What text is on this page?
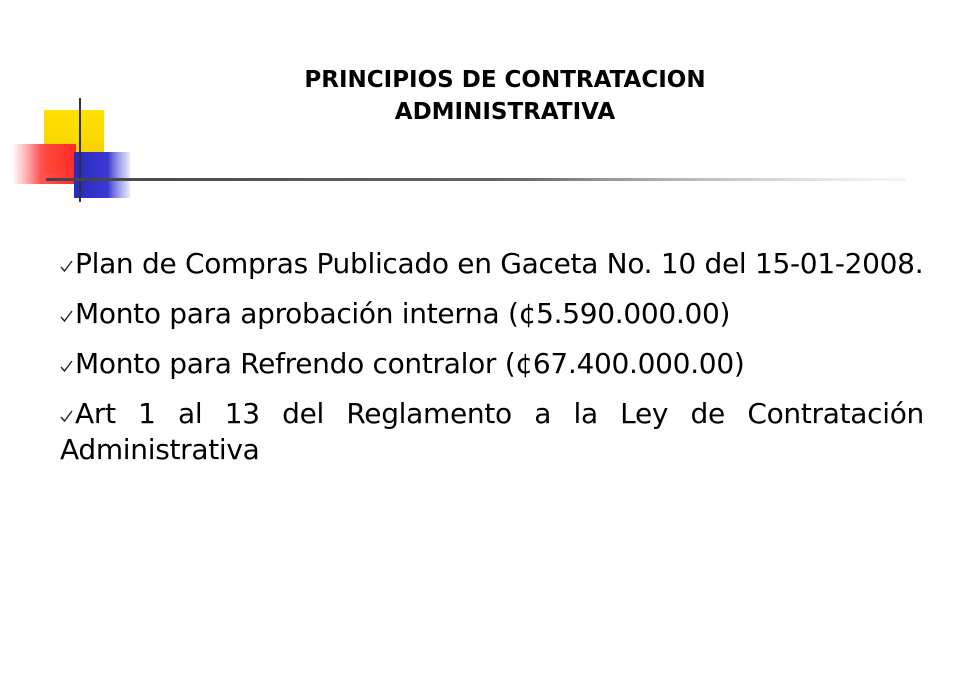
PRINCIPIOS DE CONTRATACION
ADMINISTRATIVA
Plan de Compras Publicado en Gaceta No. 10 del 15-01-2008.
Monto para aprobación interna (¢5.590.000.00)
Monto para Refrendo contralor (¢67.400.000.00)
Art 1 al 13 del Reglamento a la Ley de Contratación Administrativa
